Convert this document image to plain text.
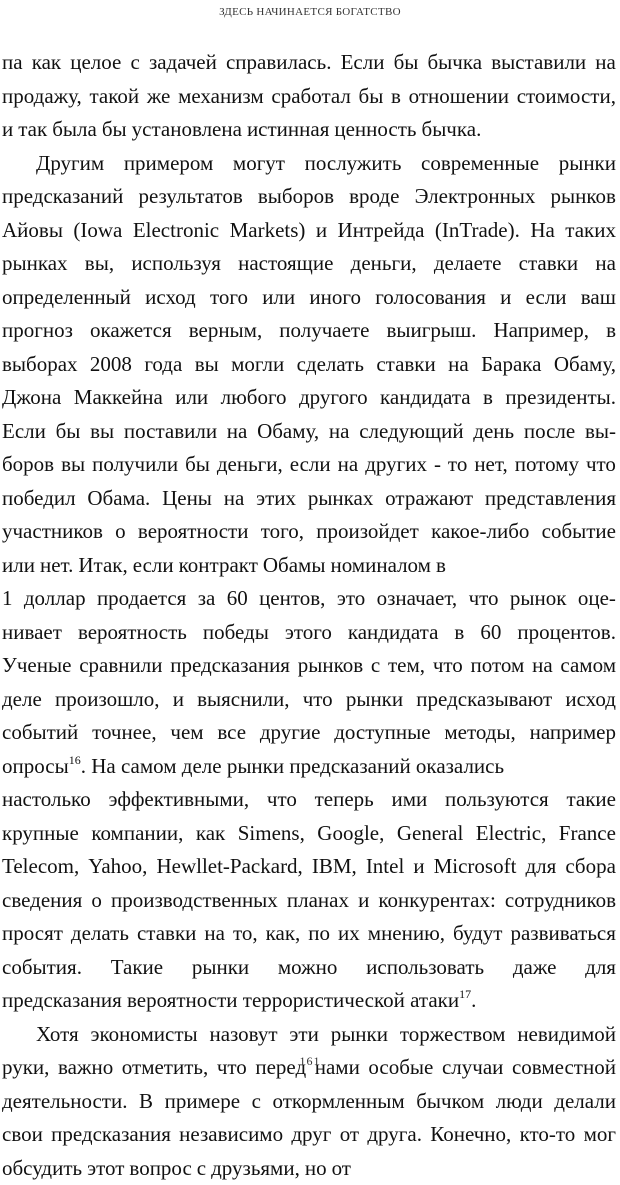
ЗДЕСЬ НАЧИНАЕТСЯ БОГАТСТВО
па как целое с задачей справилась. Если бы бычка выставили на
продажу, такой же механизм сработал бы в отношении стоимости,
и так была бы установлена истинная ценность бычка.
Другим примером могут послужить современные рынки
предсказаний результатов выборов вроде Электронных рынков
Айовы (Iowa Electronic Markets) и Интрейда (InTrade). На таких
рынках вы, используя настоящие деньги, делаете ставки на
определенный исход того или иного голосования и если ваш
прогноз окажется верным, получаете выигрыш. Например, в
выборах 2008 года вы могли сделать ставки на Барака Обаму,
Джона Маккейна или любого другого кандидата в президенты.
Если бы вы поставили на Обаму, на следующий день после вы-
боров вы получили бы деньги, если на других - то нет, потому что
победил Обама. Цены на этих рынках отражают представления
участников о вероятности того, произойдет какое-либо событие
или нет. Итак, если контракт Обамы номиналом в
1 доллар продается за 60 центов, это означает, что рынок оце-
нивает вероятность победы этого кандидата в 60 процентов.
Ученые сравнили предсказания рынков с тем, что потом на самом
деле произошло, и выяснили, что рынки предсказывают исход
событий точнее, чем все другие доступные методы, например
опросы$^{16}$. На самом деле рынки предсказаний оказались
настолько эффективными, что теперь ими пользуются такие
крупные компании, как Simens, Google, General Electric, France
Telecom, Yahoo, Hewllet-Packard, IBM, Intel и Microsoft для сбора
сведения о производственных планах и конкурентах: сотрудников
просят делать ставки на то, как, по их мнению, будут развиваться
события. Такие рынки можно использовать даже для
предсказания вероятности террористической атаки$^{17}$.
Хотя экономисты назовут эти рынки торжеством невидимой
руки, важно отметить, что перед нами особые случаи совместной
деятельности. В примере с откормленным бычком люди делали
свои предсказания независимо друг от друга. Конечно, кто-то мог
обсудить этот вопрос с друзьями, но от
161
